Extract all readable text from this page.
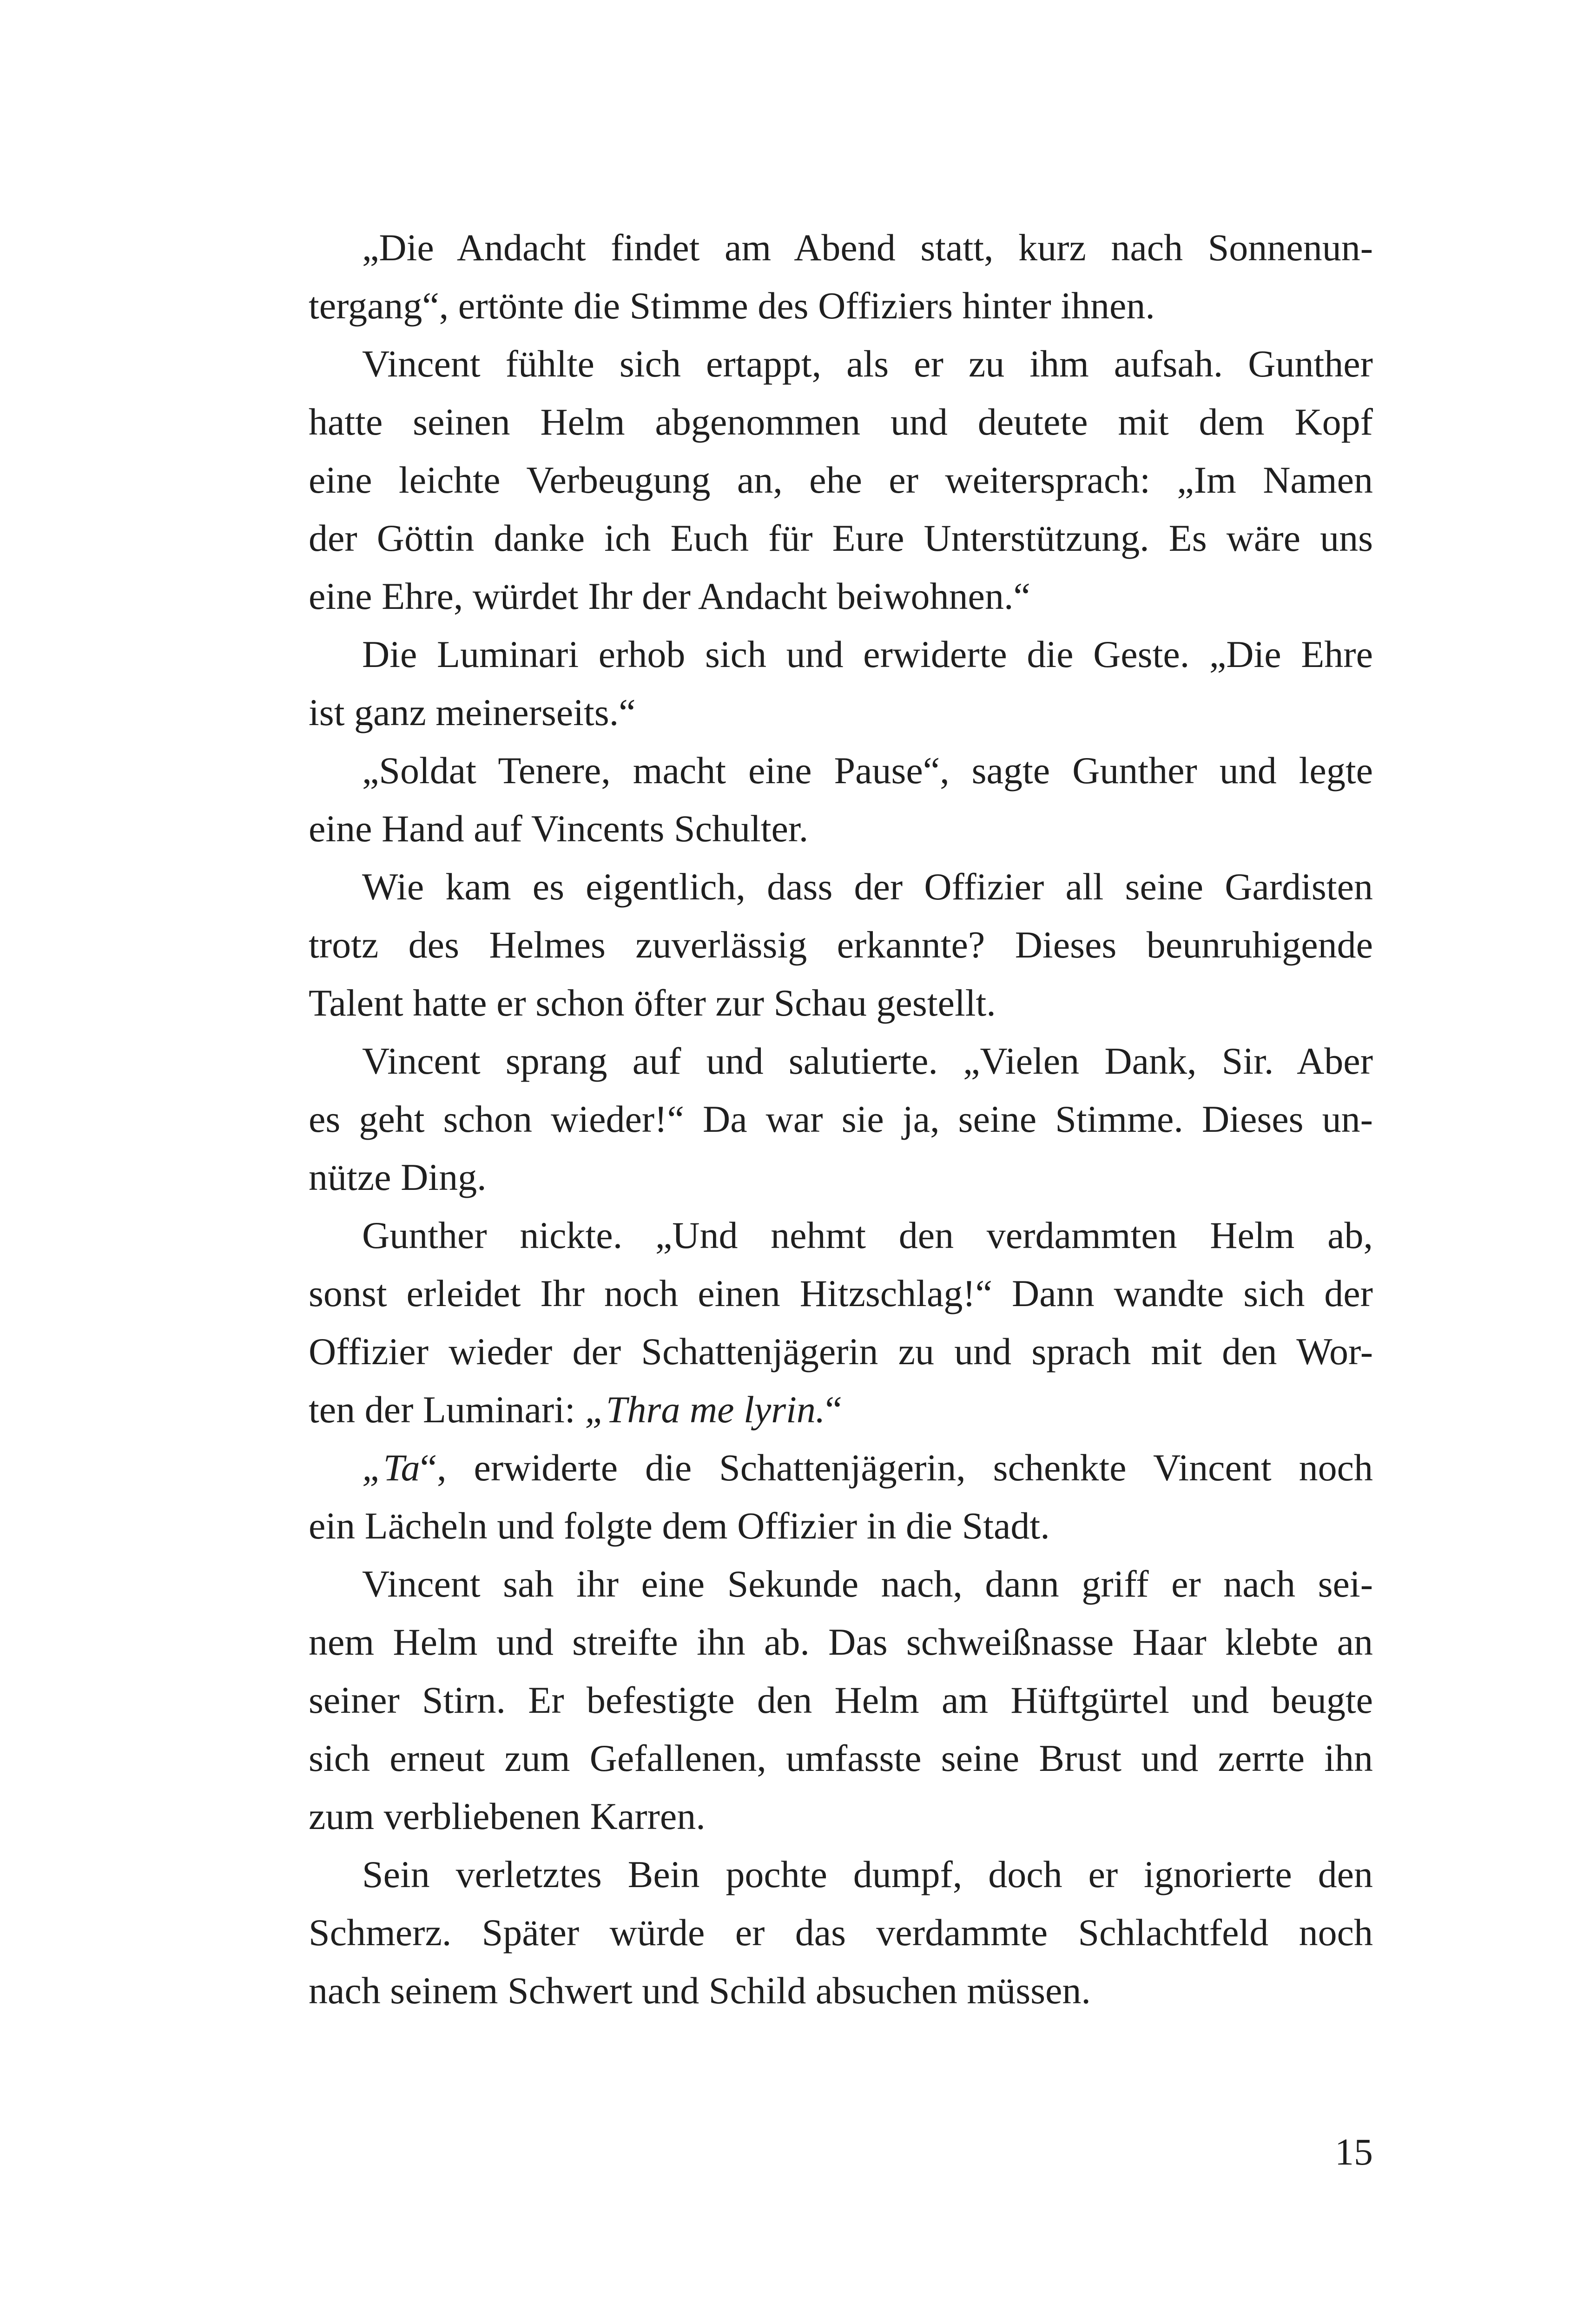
„Die Andacht findet am Abend statt, kurz nach Sonnenun-
tergang“, ertönte die Stimme des Offiziers hinter ihnen.
Vincent fühlte sich ertappt, als er zu ihm aufsah. Gunther
hatte seinen Helm abgenommen und deutete mit dem Kopf
eine leichte Verbeugung an, ehe er weitersprach: „Im Namen
der Göttin danke ich Euch für Eure Unterstützung. Es wäre uns
eine Ehre, würdet Ihr der Andacht beiwohnen.“
Die Luminari erhob sich und erwiderte die Geste. „Die Ehre
ist ganz meinerseits.“
„Soldat Tenere, macht eine Pause“, sagte Gunther und legte
eine Hand auf Vincents Schulter.
Wie kam es eigentlich, dass der Offizier all seine Gardisten
trotz des Helmes zuverlässig erkannte? Dieses beunruhigende
Talent hatte er schon öfter zur Schau gestellt.
Vincent sprang auf und salutierte. „Vielen Dank, Sir. Aber
es geht schon wieder!“ Da war sie ja, seine Stimme. Dieses un-
nütze Ding.
Gunther nickte. „Und nehmt den verdammten Helm ab,
sonst erleidet Ihr noch einen Hitzschlag!“ Dann wandte sich der
Offizier wieder der Schattenjägerin zu und sprach mit den Wor-
ten der Luminari: „Thra me lyrin.“
„Ta“, erwiderte die Schattenjägerin, schenkte Vincent noch
ein Lächeln und folgte dem Offizier in die Stadt.
Vincent sah ihr eine Sekunde nach, dann griff er nach sei-
nem Helm und streifte ihn ab. Das schweißnasse Haar klebte an
seiner Stirn. Er befestigte den Helm am Hüftgürtel und beugte
sich erneut zum Gefallenen, umfasste seine Brust und zerrte ihn
zum verbliebenen Karren.
Sein verletztes Bein pochte dumpf, doch er ignorierte den
Schmerz. Später würde er das verdammte Schlachtfeld noch
nach seinem Schwert und Schild absuchen müssen.
15
